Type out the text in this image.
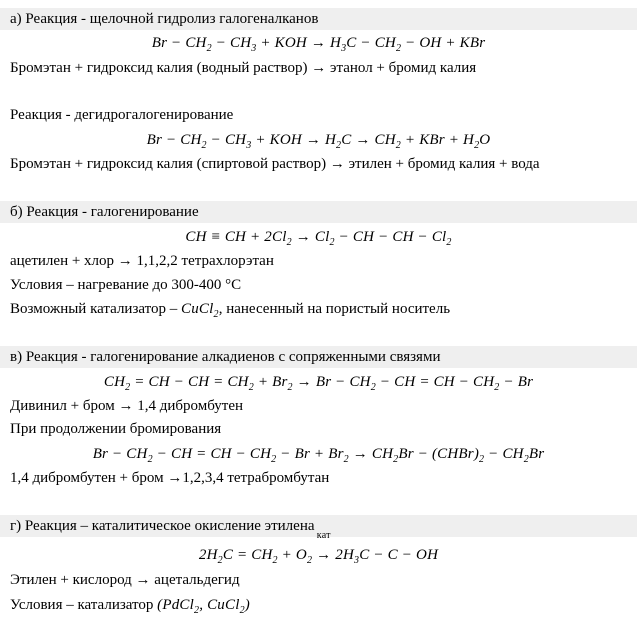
а) Реакция - щелочной гидролиз галогеналканов
$Br - CH_2 - CH_3$ + KOH → $H_3C - CH_2$ − OH + KBr
Бромэтан + гидроксид калия (водный раствор) → этанол + бромид калия
Реакция - дегидрогалогенирование
$Br - CH_2 - CH_3$ + KOH → $H_2C \to CH_2$ + KBr + $H_2O$
Бромэтан + гидроксид калия (спиртовой раствор) → этилен + бромид калия + вода
б) Реакция - галогенирование
CH ≡ CH + $2Cl_2 \to Cl_2$ − CH − CH − $Cl_2$
ацетилен + хлор → 1,1,2,2 тетрахлорэтан
Условия – нагревание до 300-400 °C
Возможный катализатор – CuCl$_2$, нанесенный на пористый носитель
в) Реакция - галогенирование алкадиенов с сопряженными связями
$CH_2$ = CH − CH = $CH_2 + Br_2 \to Br - CH_2$ − CH = CH − $CH_2 - Br$
Дивинил + бром → 1,4 дибромбутен
При продолжении бромирования
$Br - CH_2$ − CH = CH − $CH_2 - Br + Br_2 \to CH_2Br$ − $(CHBr)_2 - CH_2Br$
1,4 дибромбутен + бром →1,2,3,4 тетрабромбутан
г) Реакция – каталитическое окисление этилена
$2H_2C = CH_2 + O_2$
кат
→ $2H_3C - C$ − OH
Этилен + кислород → ацетальдегид
Условия – катализатор (PdCl$_2$, CuCl$_2$)
